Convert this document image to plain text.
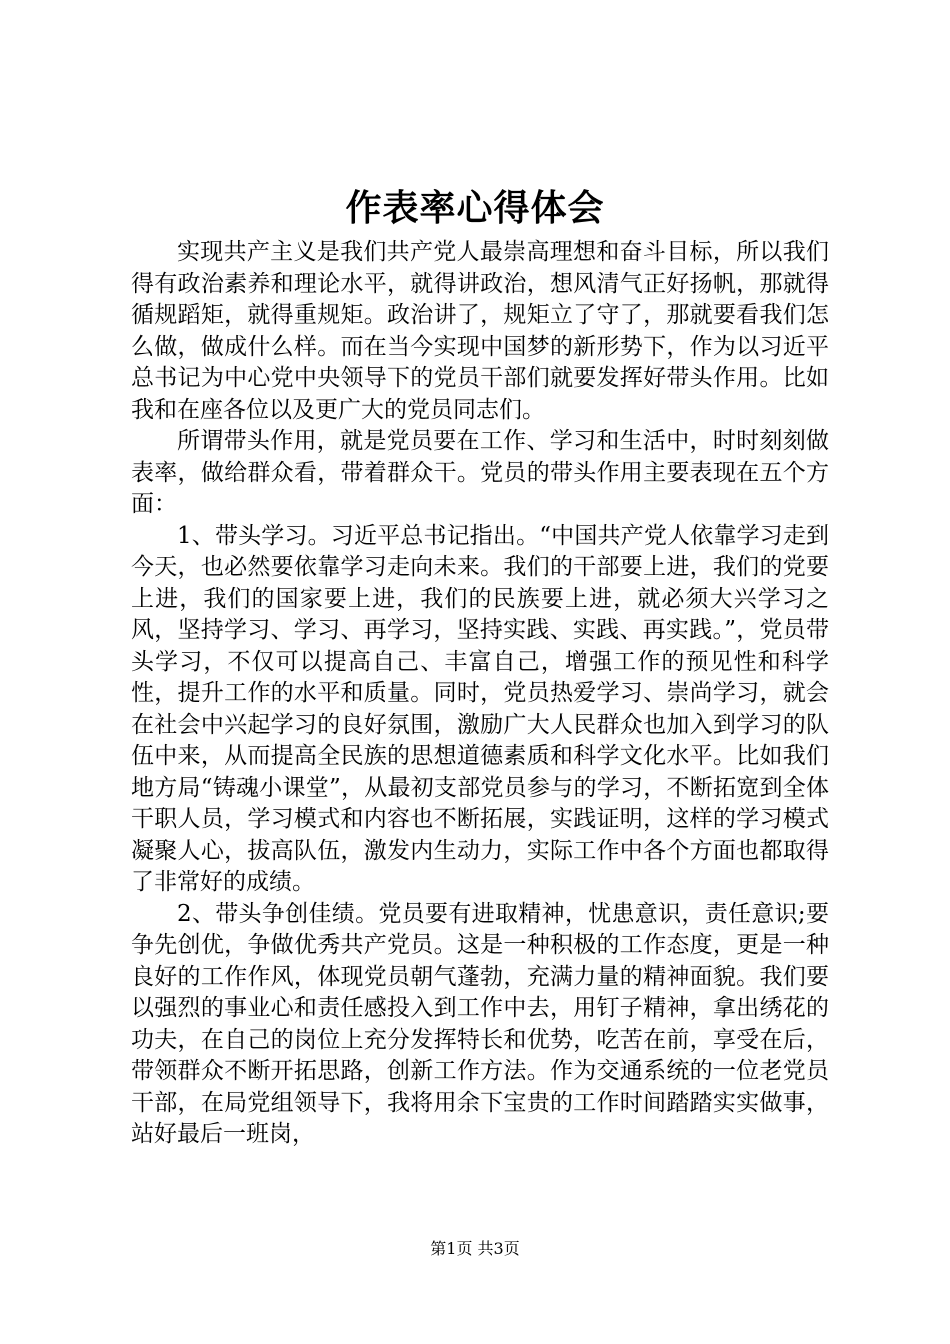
作表率心得体会

实现共产主义是我们共产党人最崇高理想和奋斗目标，所以我们得有政治素养和理论水平，就得讲政治，想风清气正好扬帆，那就得循规蹈矩，就得重规矩。政治讲了，规矩立了守了，那就要看我们怎么做，做成什么样。而在当今实现中国梦的新形势下，作为以习近平总书记为中心党中央领导下的党员干部们就要发挥好带头作用。比如我和在座各位以及更广大的党员同志们。

所谓带头作用，就是党员要在工作、学习和生活中，时时刻刻做表率，做给群众看，带着群众干。党员的带头作用主要表现在五个方面：

1、带头学习。习近平总书记指出。“中国共产党人依靠学习走到今天，也必然要依靠学习走向未来。我们的干部要上进，我们的党要上进，我们的国家要上进，我们的民族要上进，就必须大兴学习之风，坚持学习、学习、再学习，坚持实践、实践、再实践。”，党员带头学习，不仅可以提高自己、丰富自己，增强工作的预见性和科学性，提升工作的水平和质量。同时，党员热爱学习、崇尚学习，就会在社会中兴起学习的良好氛围，激励广大人民群众也加入到学习的队伍中来，从而提高全民族的思想道德素质和科学文化水平。比如我们地方局“铸魂小课堂”，从最初支部党员参与的学习，不断拓宽到全体干职人员，学习模式和内容也不断拓展，实践证明，这样的学习模式凝聚人心，拔高队伍，激发内生动力，实际工作中各个方面也都取得了非常好的成绩。

2、带头争创佳绩。党员要有进取精神，忧患意识，责任意识;要争先创优，争做优秀共产党员。这是一种积极的工作态度，更是一种良好的工作作风，体现党员朝气蓬勃，充满力量的精神面貌。我们要以强烈的事业心和责任感投入到工作中去，用钉子精神，拿出绣花的功夫，在自己的岗位上充分发挥特长和优势，吃苦在前，享受在后，带领群众不断开拓思路，创新工作方法。作为交通系统的一位老党员干部，在局党组领导下，我将用余下宝贵的工作时间踏踏实实做事，站好最后一班岗，

第1页 共3页
